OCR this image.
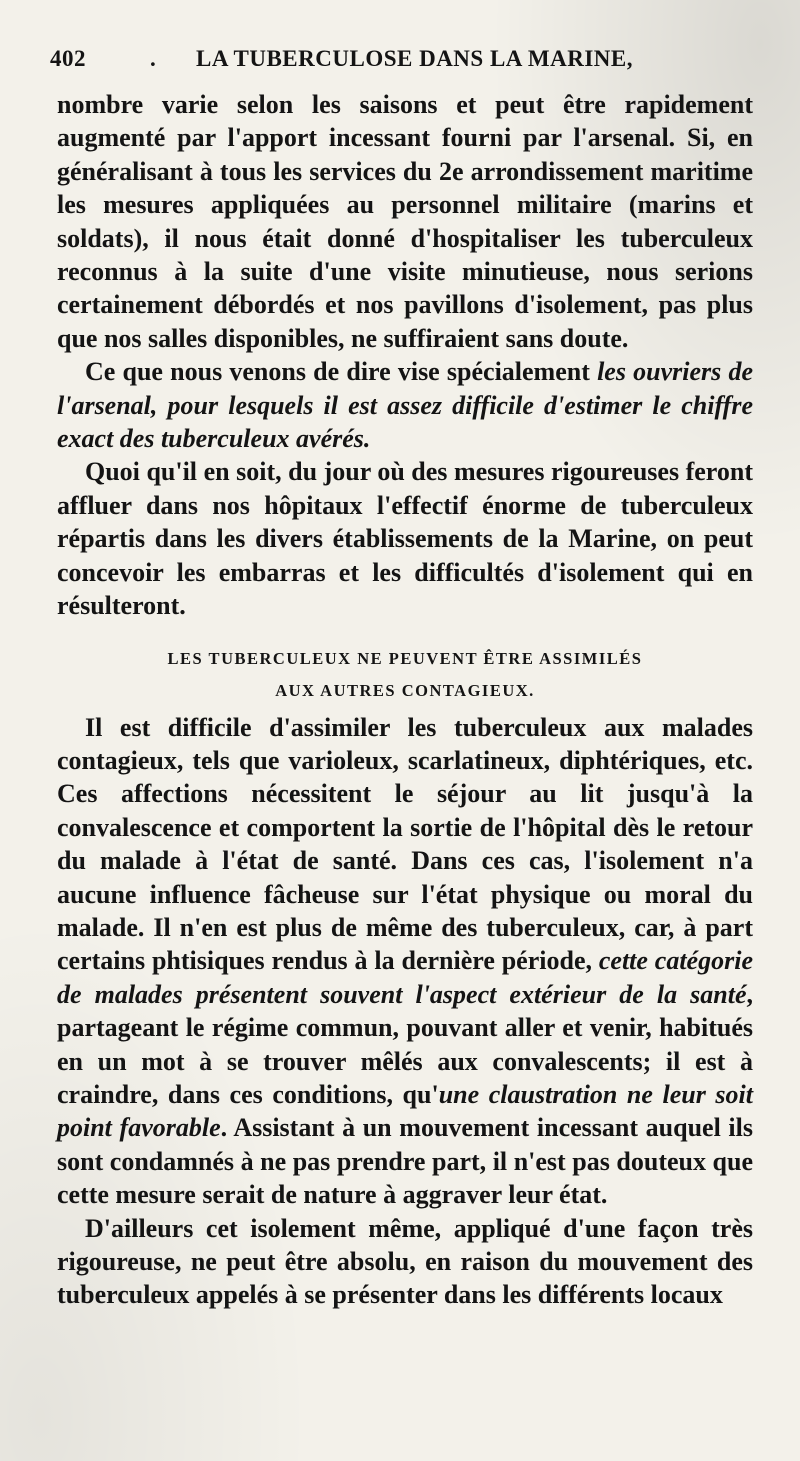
402	. LA TUBERCULOSE DANS LA MARINE,

nombre varie selon les saisons et peut être rapidement augmenté par l'apport incessant fourni par l'arsenal. Si, en généralisant à tous les services du 2e arrondissement maritime les mesures appliquées au personnel militaire (marins et soldats), il nous était donné d'hospitaliser les tuberculeux reconnus à la suite d'une visite minutieuse, nous serions certainement débordés et nos pavillons d'isolement, pas plus que nos salles disponibles, ne suffiraient sans doute.

Ce que nous venons de dire vise spécialement les ouvriers de l'arsenal, pour lesquels il est assez difficile d'estimer le chiffre exact des tuberculeux avérés.

Quoi qu'il en soit, du jour où des mesures rigoureuses feront affluer dans nos hôpitaux l'effectif énorme de tuberculeux répartis dans les divers établissements de la Marine, on peut concevoir les embarras et les difficultés d'isolement qui en résulteront.

LES TUBERCULEUX NE PEUVENT ÊTRE ASSIMILÉS
AUX AUTRES CONTAGIEUX.

Il est difficile d'assimiler les tuberculeux aux malades contagieux, tels que varioleux, scarlatineux, diphtériques, etc. Ces affections nécessitent le séjour au lit jusqu'à la convalescence et comportent la sortie de l'hôpital dès le retour du malade à l'état de santé. Dans ces cas, l'isolement n'a aucune influence fâcheuse sur l'état physique ou moral du malade. Il n'en est plus de même des tuberculeux, car, à part certains phtisiques rendus à la dernière période, cette catégorie de malades présentent souvent l'aspect extérieur de la santé, partageant le régime commun, pouvant aller et venir, habitués en un mot à se trouver mêlés aux convalescents; il est à craindre, dans ces conditions, qu'une claustration ne leur soit point favorable. Assistant à un mouvement incessant auquel ils sont condamnés à ne pas prendre part, il n'est pas douteux que cette mesure serait de nature à aggraver leur état.

D'ailleurs cet isolement même, appliqué d'une façon très rigoureuse, ne peut être absolu, en raison du mouvement des tuberculeux appelés à se présenter dans les différents locaux
